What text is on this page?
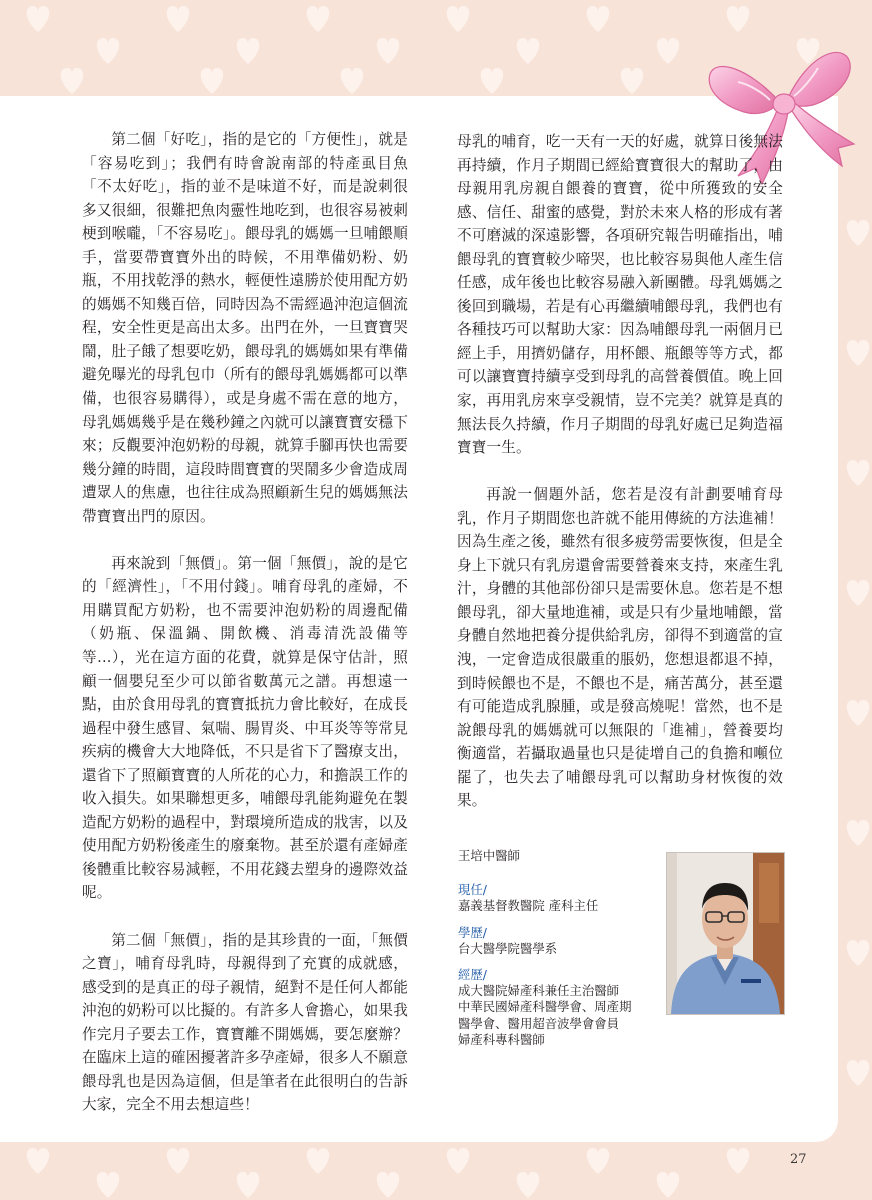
第二個「好吃」，指的是它的「方便性」，就是「容易吃到」；我們有時會說南部的特產虱目魚「不太好吃」，指的並不是味道不好，而是說刺很多又很細，很難把魚肉靈性地吃到，也很容易被刺梗到喉嚨，「不容易吃」。餵母乳的媽媽一旦哺餵順手，當要帶寶寶外出的時候，不用準備奶粉、奶瓶，不用找乾淨的熱水，輕便性遠勝於使用配方奶的媽媽不知幾百倍，同時因為不需經過沖泡這個流程，安全性更是高出太多。出門在外，一旦寶寶哭鬧，肚子餓了想要吃奶，餵母乳的媽媽如果有準備避免曝光的母乳包巾（所有的餵母乳媽媽都可以準備，也很容易購得），或是身處不需在意的地方，母乳媽媽幾乎是在幾秒鐘之內就可以讓寶寶安穩下來；反觀要沖泡奶粉的母親，就算手腳再快也需要幾分鐘的時間，這段時間寶寶的哭鬧多少會造成周遭眾人的焦慮，也往往成為照顧新生兒的媽媽無法帶寶寶出門的原因。

再來說到「無價」。第一個「無價」，說的是它的「經濟性」，「不用付錢」。哺育母乳的產婦，不用購買配方奶粉，也不需要沖泡奶粉的周邊配備（奶瓶、保溫鍋、開飲機、消毒清洗設備等等...），光在這方面的花費，就算是保守估計，照顧一個嬰兒至少可以節省數萬元之譜。再想遠一點，由於食用母乳的寶寶抵抗力會比較好，在成長過程中發生感冒、氣喘、腸胃炎、中耳炎等等常見疾病的機會大大地降低，不只是省下了醫療支出，還省下了照顧寶寶的人所花的心力，和擔誤工作的收入損失。如果聯想更多，哺餵母乳能夠避免在製造配方奶粉的過程中，對環境所造成的戕害，以及使用配方奶粉後產生的廢棄物。甚至於還有產婦產後體重比較容易減輕，不用花錢去塑身的邊際效益呢。

第二個「無價」，指的是其珍貴的一面，「無價之寶」，哺育母乳時，母親得到了充實的成就感，感受到的是真正的母子親情，絕對不是任何人都能沖泡的奶粉可以比擬的。有許多人會擔心，如果我作完月子要去工作，寶寶離不開媽媽，要怎麼辦？在臨床上這的確困擾著許多孕產婦，很多人不願意餵母乳也是因為這個，但是筆者在此很明白的告訴大家，完全不用去想這些！

母乳的哺育，吃一天有一天的好處，就算日後無法再持續，作月子期間已經給寶寶很大的幫助了，由母親用乳房親自餵養的寶寶，從中所獲致的安全感、信任、甜蜜的感覺，對於未來人格的形成有著不可磨滅的深遠影響，各項研究報告明確指出，哺餵母乳的寶寶較少啼哭，也比較容易與他人產生信任感，成年後也比較容易融入新團體。母乳媽媽之後回到職場，若是有心再繼續哺餵母乳，我們也有各種技巧可以幫助大家：因為哺餵母乳一兩個月已經上手，用擠奶儲存，用杯餵、瓶餵等等方式，都可以讓寶寶持續享受到母乳的高營養價值。晚上回家，再用乳房來享受親情，豈不完美？就算是真的無法長久持續，作月子期間的母乳好處已足夠造福寶寶一生。

再說一個題外話，您若是沒有計劃要哺育母乳，作月子期間您也許就不能用傳統的方法進補！因為生產之後，雖然有很多疲勞需要恢復，但是全身上下就只有乳房還會需要營養來支持，來產生乳汁，身體的其他部份卻只是需要休息。您若是不想餵母乳，卻大量地進補，或是只有少量地哺餵，當身體自然地把養分提供給乳房，卻得不到適當的宣洩，一定會造成很嚴重的脹奶，您想退都退不掉，到時候餵也不是，不餵也不是，痛苦萬分，甚至還有可能造成乳腺腫，或是發高燒呢！當然，也不是說餵母乳的媽媽就可以無限的「進補」，營養要均衡適當，若攝取過量也只是徒增自己的負擔和噸位罷了，也失去了哺餵母乳可以幫助身材恢復的效果。

王培中醫師
現任/
嘉義基督教醫院 產科主任
學歷/
台大醫學院醫學系
經歷/
成大醫院婦產科兼任主治醫師
中華民國婦產科醫學會、周產期
醫學會、醫用超音波學會會員
婦產科專科醫師
27
